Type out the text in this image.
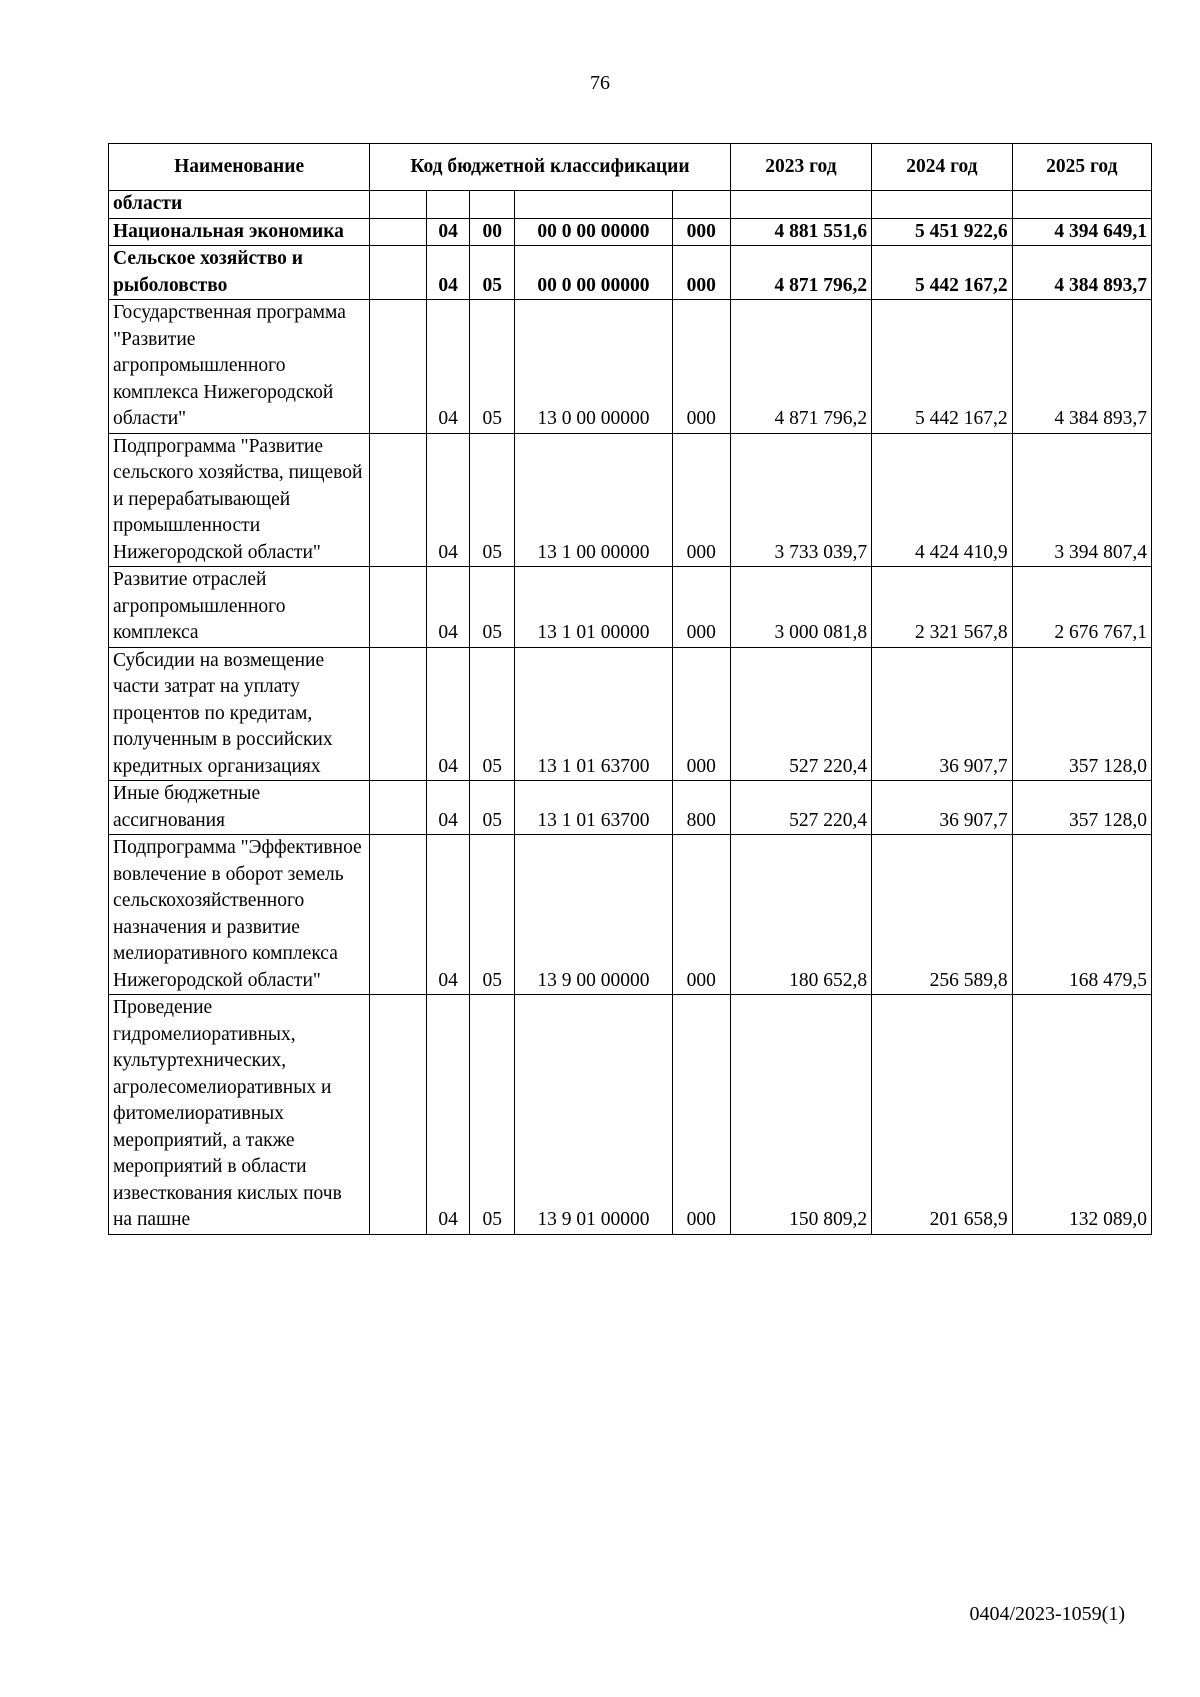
76
Наименование	Код бюджетной классификации					2023 год	2024 год	2025 год
области								
Национальная экономика		04	00	00 0 00 00000	000	4 881 551,6	5 451 922,6	4 394 649,1
Сельское хозяйство и рыболовство		04	05	00 0 00 00000	000	4 871 796,2	5 442 167,2	4 384 893,7
Государственная программа "Развитие агропромышленного комплекса Нижегородской области"		04	05	13 0 00 00000	000	4 871 796,2	5 442 167,2	4 384 893,7
Подпрограмма "Развитие сельского хозяйства, пищевой и перерабатывающей промышленности Нижегородской области"		04	05	13 1 00 00000	000	3 733 039,7	4 424 410,9	3 394 807,4
Развитие отраслей агропромышленного комплекса		04	05	13 1 01 00000	000	3 000 081,8	2 321 567,8	2 676 767,1
Субсидии на возмещение части затрат на уплату процентов по кредитам, полученным в российских кредитных организациях		04	05	13 1 01 63700	000	527 220,4	36 907,7	357 128,0
Иные бюджетные ассигнования		04	05	13 1 01 63700	800	527 220,4	36 907,7	357 128,0
Подпрограмма "Эффективное вовлечение в оборот земель сельскохозяйственного назначения и развитие мелиоративного комплекса Нижегородской области"		04	05	13 9 00 00000	000	180 652,8	256 589,8	168 479,5
Проведение гидромелиоративных, культуртехнических, агролесомелиоративных и фитомелиоративных мероприятий, а также мероприятий в области известкования кислых почв на пашне		04	05	13 9 01 00000	000	150 809,2	201 658,9	132 089,0
0404/2023-1059(1)
